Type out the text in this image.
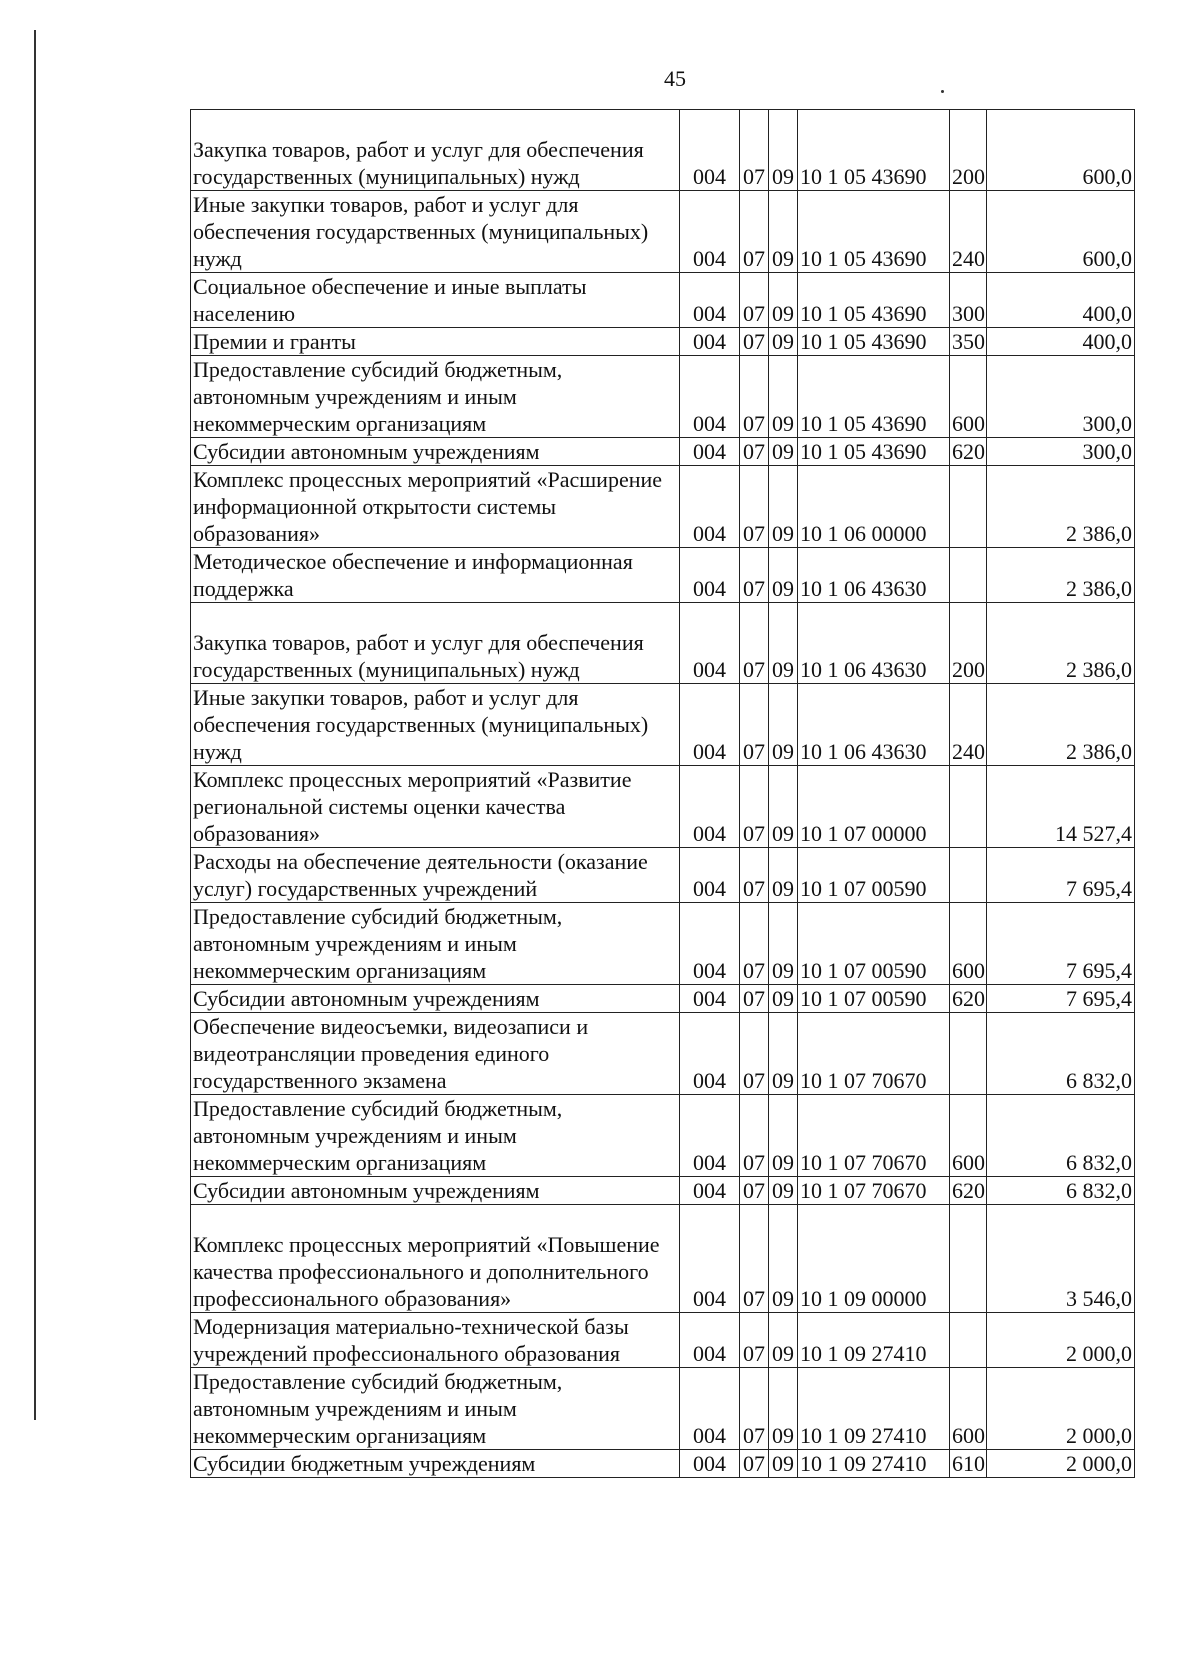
45
Закупка товаров, работ и услуг для обеспечения государственных (муниципальных) нужд	004	07	09	10 1 05 43690	200	600,0
Иные закупки товаров, работ и услуг для обеспечения государственных (муниципальных) нужд	004	07	09	10 1 05 43690	240	600,0
Социальное обеспечение и иные выплаты населению	004	07	09	10 1 05 43690	300	400,0
Премии и гранты	004	07	09	10 1 05 43690	350	400,0
Предоставление субсидий бюджетным, автономным учреждениям и иным некоммерческим организациям	004	07	09	10 1 05 43690	600	300,0
Субсидии автономным учреждениям	004	07	09	10 1 05 43690	620	300,0
Комплекс процессных мероприятий «Расширение информационной открытости системы образования»	004	07	09	10 1 06 00000		2 386,0
Методическое обеспечение и информационная поддержка	004	07	09	10 1 06 43630		2 386,0
Закупка товаров, работ и услуг для обеспечения государственных (муниципальных) нужд	004	07	09	10 1 06 43630	200	2 386,0
Иные закупки товаров, работ и услуг для обеспечения государственных (муниципальных) нужд	004	07	09	10 1 06 43630	240	2 386,0
Комплекс процессных мероприятий «Развитие региональной системы оценки качества образования»	004	07	09	10 1 07 00000		14 527,4
Расходы на обеспечение деятельности (оказание услуг) государственных учреждений	004	07	09	10 1 07 00590		7 695,4
Предоставление субсидий бюджетным, автономным учреждениям и иным некоммерческим организациям	004	07	09	10 1 07 00590	600	7 695,4
Субсидии автономным учреждениям	004	07	09	10 1 07 00590	620	7 695,4
Обеспечение видеосъемки, видеозаписи и видеотрансляции проведения единого государственного экзамена	004	07	09	10 1 07 70670		6 832,0
Предоставление субсидий бюджетным, автономным учреждениям и иным некоммерческим организациям	004	07	09	10 1 07 70670	600	6 832,0
Субсидии автономным учреждениям	004	07	09	10 1 07 70670	620	6 832,0
Комплекс процессных мероприятий «Повышение качества профессионального и дополнительного профессионального образования»	004	07	09	10 1 09 00000		3 546,0
Модернизация материально-технической базы учреждений профессионального образования	004	07	09	10 1 09 27410		2 000,0
Предоставление субсидий бюджетным, автономным учреждениям и иным некоммерческим организациям	004	07	09	10 1 09 27410	600	2 000,0
Субсидии бюджетным учреждениям	004	07	09	10 1 09 27410	610	2 000,0
